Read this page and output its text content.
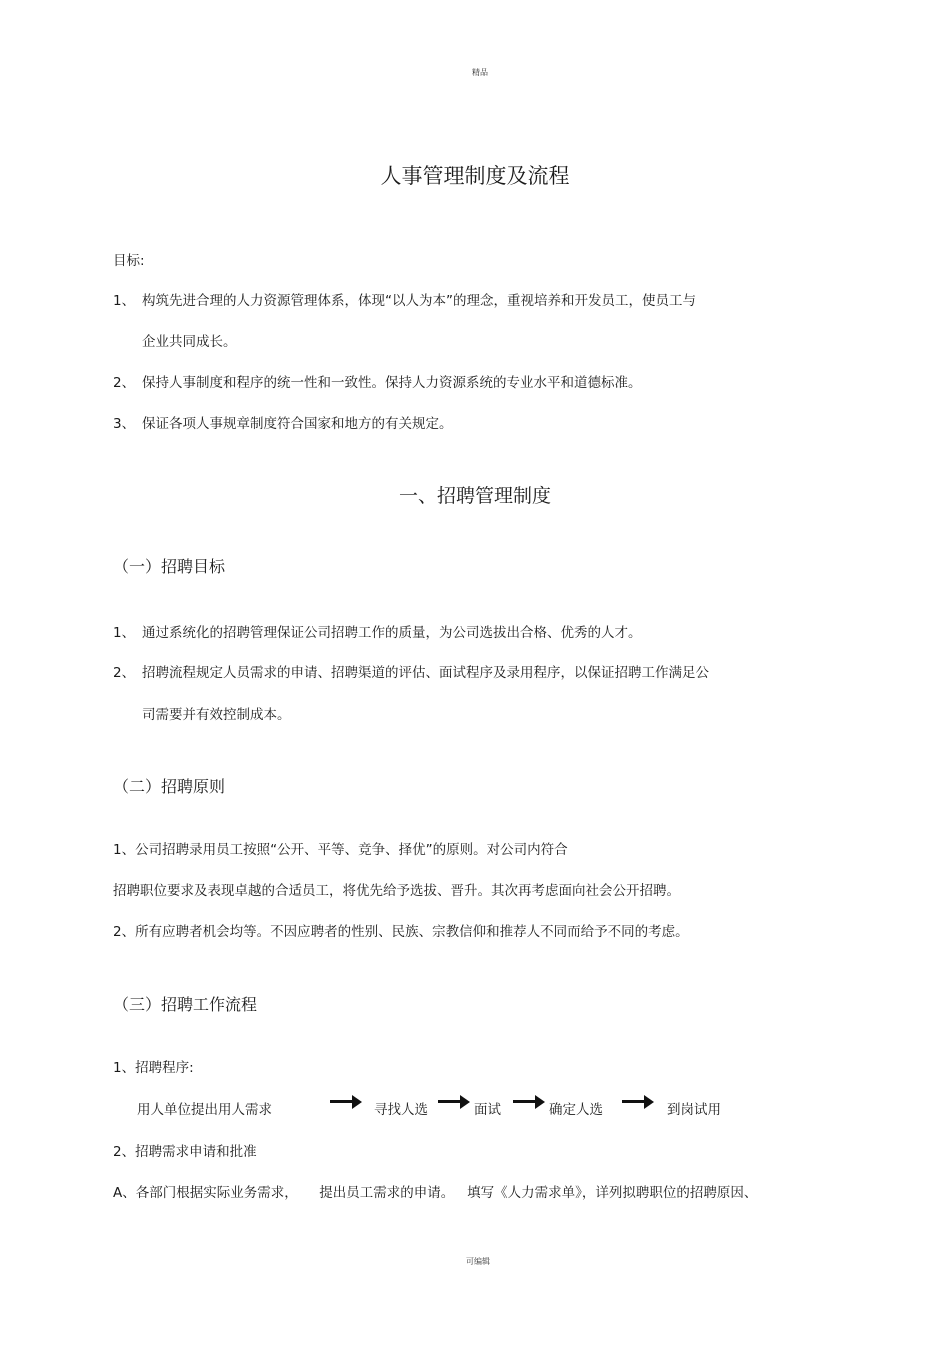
精品
可编辑
人事管理制度及流程
目标:
1、 构筑先进合理的人力资源管理体系，体现“以人为本”的理念，重视培养和开发员工，使员工与
企业共同成长。
2、 保持人事制度和程序的统一性和一致性。保持人力资源系统的专业水平和道德标准。
3、 保证各项人事规章制度符合国家和地方的有关规定。
一、招聘管理制度
（一）招聘目标
1、 通过系统化的招聘管理保证公司招聘工作的质量，为公司选拔出合格、优秀的人才。
2、 招聘流程规定人员需求的申请、招聘渠道的评估、面试程序及录用程序，以保证招聘工作满足公
司需要并有效控制成本。
（二）招聘原则
1、公司招聘录用员工按照“公开、平等、竞争、择优”的原则。对公司内符合
招聘职位要求及表现卓越的合适员工，将优先给予选拔、晋升。其次再考虑面向社会公开招聘。
2、所有应聘者机会均等。不因应聘者的性别、民族、宗教信仰和推荐人不同而给予不同的考虑。
（三）招聘工作流程
1、招聘程序:
用人单位提出用人需求	寻找人选	面试	确定人选	到岗试用
2、招聘需求申请和批准
A、各部门根据实际业务需求，     提出员工需求的申请。   填写《人力需求单》，详列拟聘职位的招聘原因、
